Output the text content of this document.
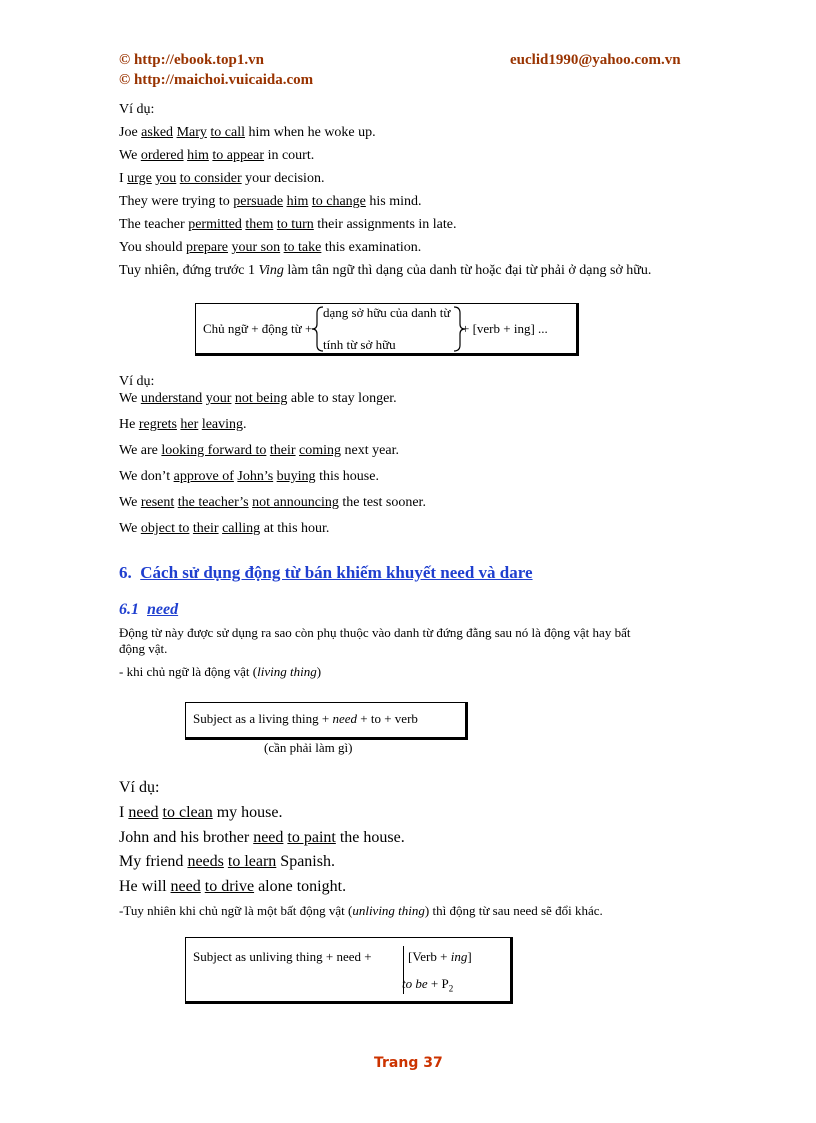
© http://ebook.top1.vn
© http://maichoi.vuicaida.com
euclid1990@yahoo.com.vn
Ví dụ:
Joe asked Mary to call him when he woke up.
We ordered him to appear in court.
I urge you to consider your decision.
They were trying to persuade him to change his mind.
The teacher permitted them to turn their assignments in late.
You should prepare your son to take this examination.
Tuy nhiên, đứng trước 1 Ving làm tân ngữ thì dạng của danh từ hoặc đại từ phải ở dạng sở hữu.
Chủ ngữ + động từ +
dạng sở hữu của danh từ
tính từ sở hữu
+ [verb + ing] ...
Ví dụ:
We understand your not being able to stay longer.
He regrets her leaving.
We are looking forward to their coming next year.
We don’t approve of John’s buying this house.
We resent the teacher’s not announcing the test sooner.
We object to their calling at this hour.
6. Cách sử dụng động từ bán khiếm khuyết need và dare
6.1 need
Động từ này được sử dụng ra sao còn phụ thuộc vào danh từ đứng đằng sau nó là động vật hay bất
động vật.
- khi chủ ngữ là động vật (living thing)
Subject as a living thing + need + to + verb
(cần phải làm gì)
Ví dụ:
I need to clean my house.
John and his brother need to paint the house.
My friend needs to learn Spanish.
He will need to drive alone tonight.
-Tuy nhiên khi chủ ngữ là một bất động vật (unliving thing) thì động từ sau need sẽ đổi khác.
Subject as unliving thing + need +	[Verb + ing]
to be + $P_2$
Trang 37
